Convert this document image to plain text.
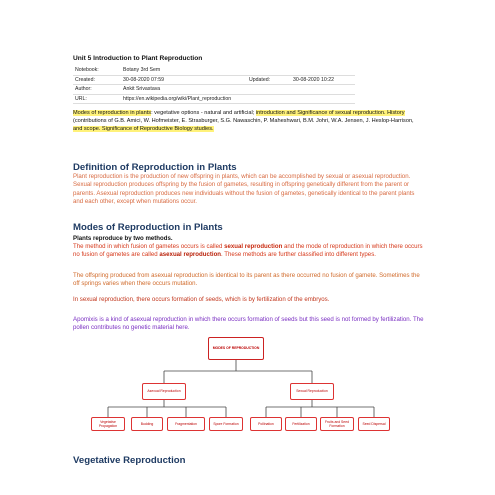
Unit 5 Introduction to Plant Reproduction
Notebook:	Botany 3rd Sem		
Created:	30-08-2020 07:59	Updated:	30-08-2020 10:22
Author:	Ankit Srivastava		
URL:	https://en.wikipedia.org/wiki/Plant_reproduction		
Modes of reproduction in plants: vegetative options - natural and artificial; introduction and Significance of sexual reproduction. History (contributions of G.B. Amici, W. Hofmeister, E. Strasburger, S.G. Nawaschin, P. Maheshwari, B.M. Johri, W.A. Jensen, J. Heslop-Harrison, and scope. Significance of Reproductive Biology studies.
Definition of Reproduction in Plants
Plant reproduction is the production of new offspring in plants, which can be accomplished by sexual or asexual reproduction. Sexual reproduction produces offspring by the fusion of gametes, resulting in offspring genetically different from the parent or parents. Asexual reproduction produces new individuals without the fusion of gametes, genetically identical to the parent plants and each other, except when mutations occur.
Modes of Reproduction in Plants
Plants reproduce by two methods.
The method in which fusion of gametes occurs is called sexual reproduction and the mode of reproduction in which there occurs no fusion of gametes are called asexual reproduction. These methods are further classified into different types.
The offspring produced from asexual reproduction is identical to its parent as there occurred no fusion of gamete. Sometimes the off springs varies when there occurs mutation.
In sexual reproduction, there occurs formation of seeds, which is by fertilization of the embryos.
Apomixis is a kind of asexual reproduction in which there occurs formation of seeds but this seed is not formed by fertilization. The pollen contributes no genetic material here.
MODES OF REPRODUCTION
Asexual Reproduction	Sexual Reproduction
Vegetative Propagation
Budding	Fragmentation	Spore Formation	Pollination	Fertilization
Fruits and Seed Formation
Seed Dispersal
Vegetative Reproduction
